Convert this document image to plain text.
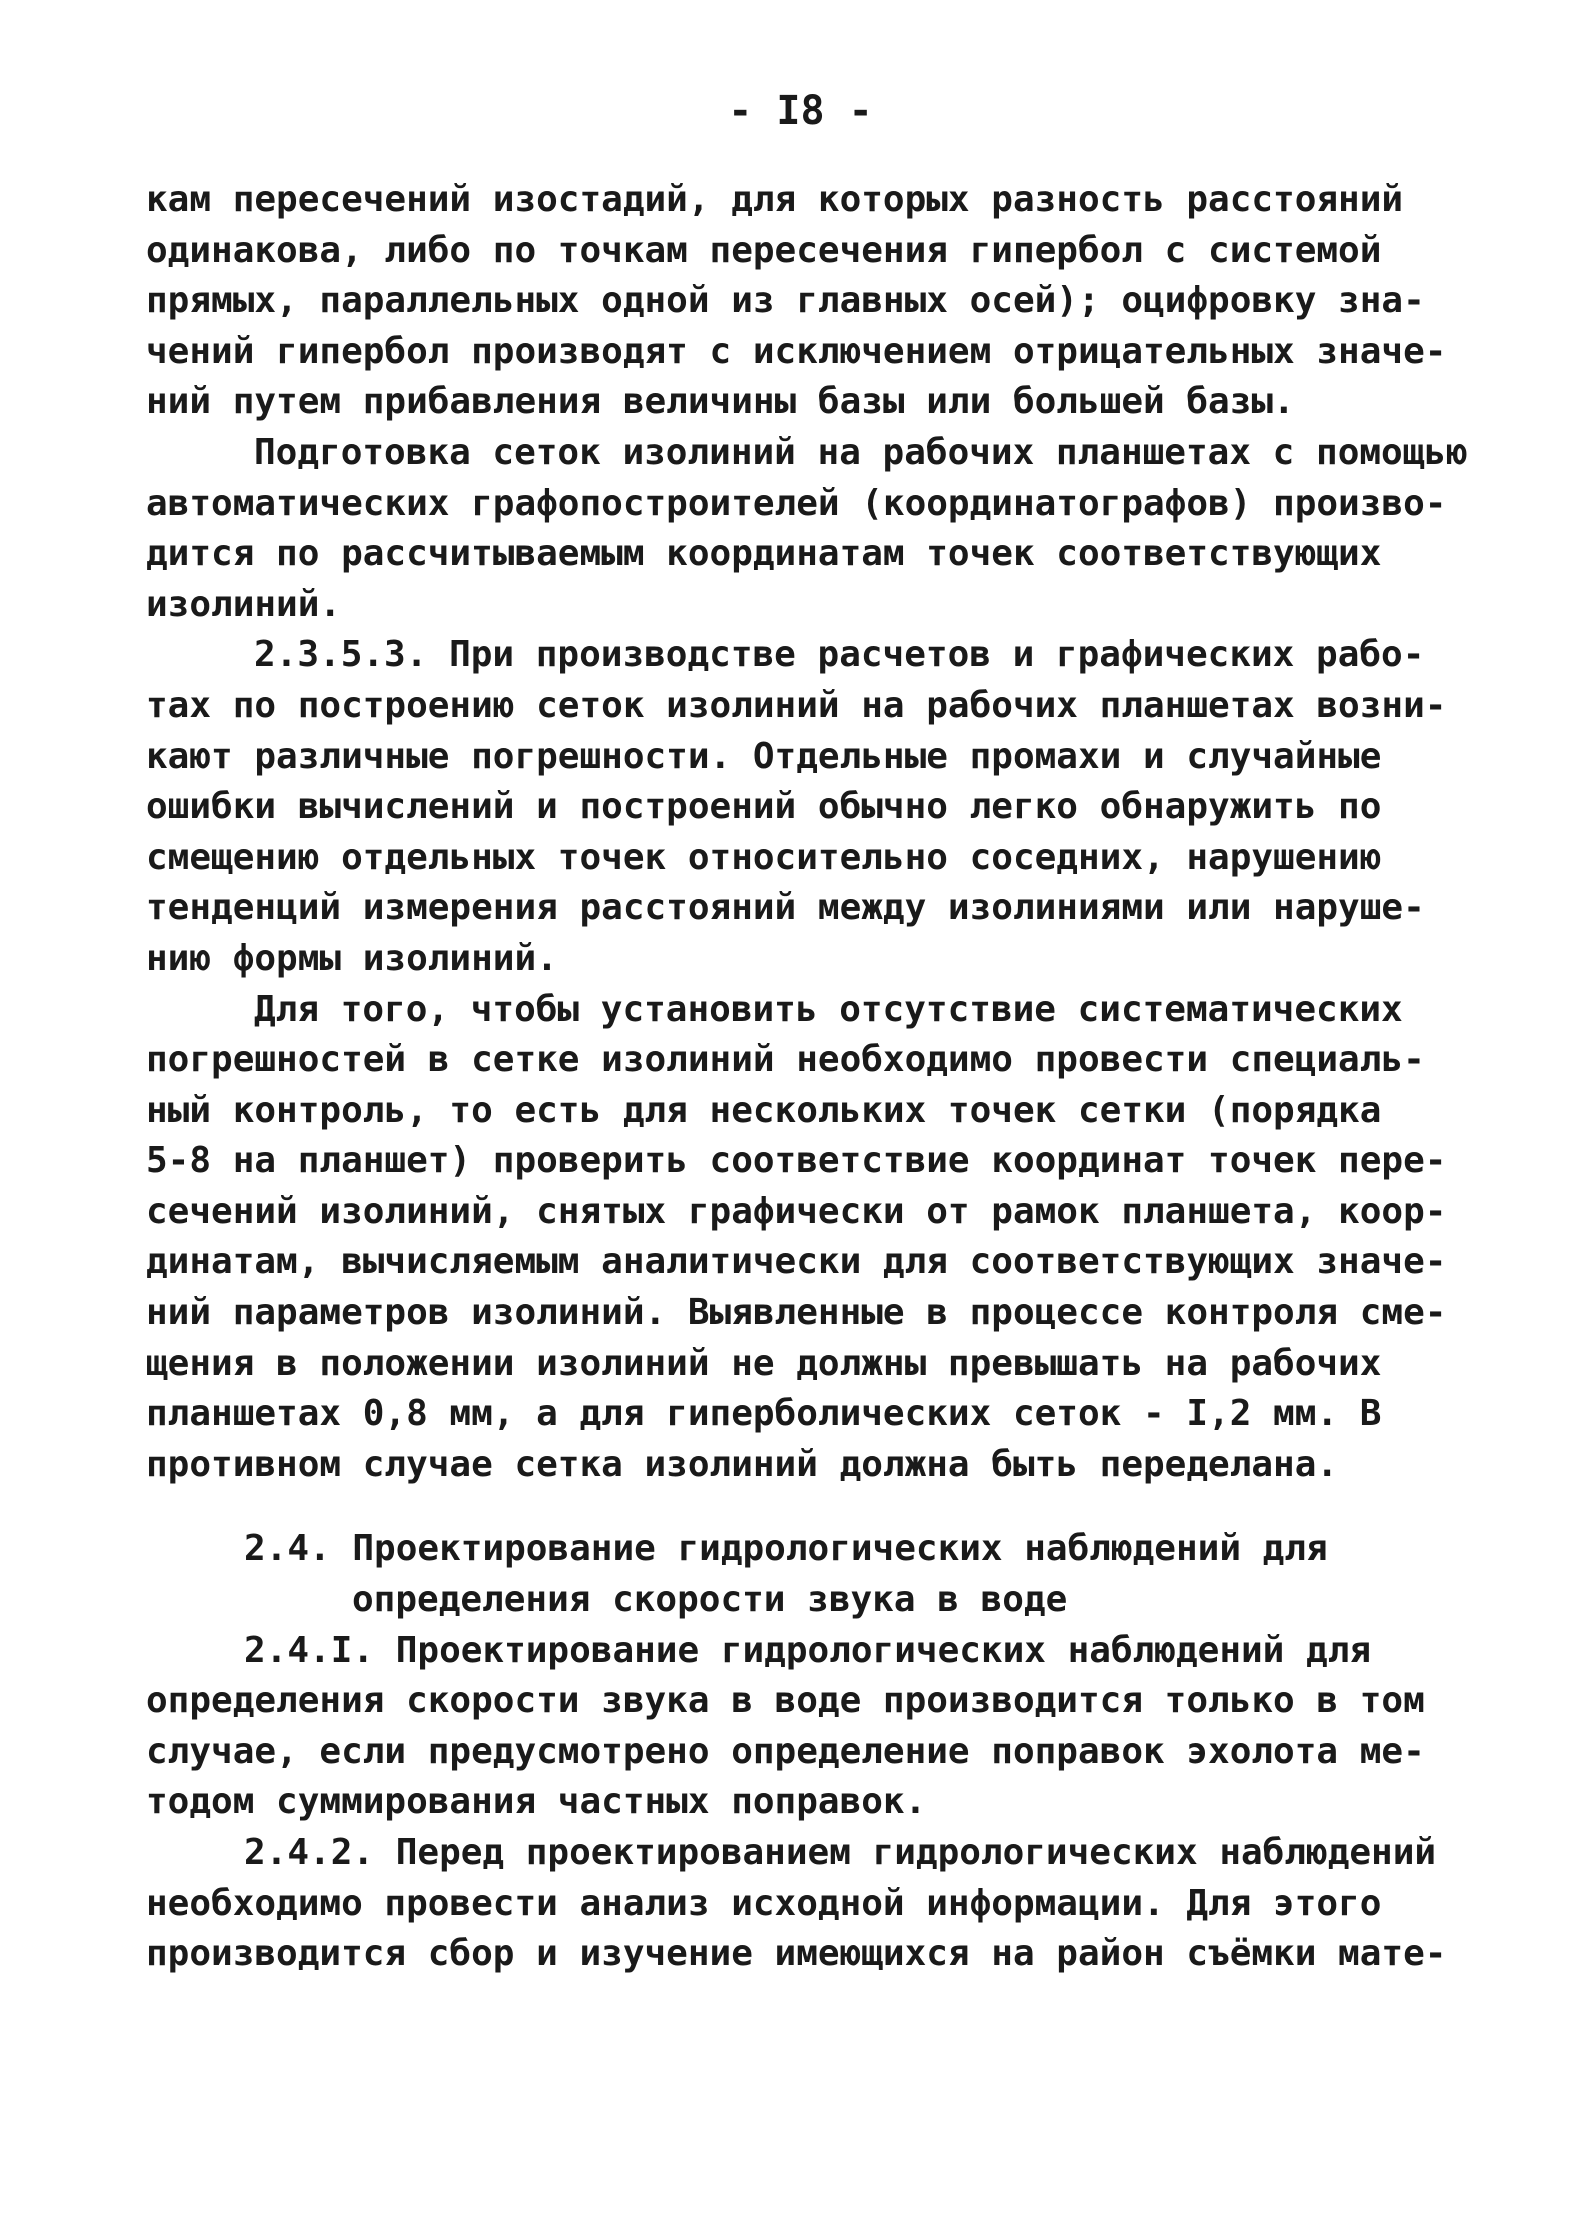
- I8 -
кам пересечений изостадий, для которых разность расстояний
одинакова, либо по точкам пересечения гипербол с системой
прямых, параллельных одной из главных осей); оцифровку зна-
чений гипербол производят с исключением отрицательных значе-
ний путем прибавления величины базы или большей базы.
Подготовка сеток изолиний на рабочих планшетах с помощью
автоматических графопостроителей (координатографов) произво-
дится по рассчитываемым координатам точек соответствующих
изолиний.
2.3.5.3. При производстве расчетов и графических рабо-
тах по построению сеток изолиний на рабочих планшетах возни-
кают различные погрешности. Отдельные промахи и случайные
ошибки вычислений и построений обычно легко обнаружить по
смещению отдельных точек относительно соседних, нарушению
тенденций измерения расстояний между изолиниями или наруше-
нию формы изолиний.
Для того, чтобы установить отсутствие систематических
погрешностей в сетке изолиний необходимо провести специаль-
ный контроль, то есть для нескольких точек сетки (порядка
5-8 на планшет) проверить соответствие координат точек пере-
сечений изолиний, снятых графически от рамок планшета, коор-
динатам, вычисляемым аналитически для соответствующих значе-
ний параметров изолиний. Выявленные в процессе контроля сме-
щения в положении изолиний не должны превышать на рабочих
планшетах 0,8 мм, а для гиперболических сеток - I,2 мм. В
противном случае сетка изолиний должна быть переделана.
2.4. Проектирование гидрологических наблюдений для
определения скорости звука в воде
2.4.I. Проектирование гидрологических наблюдений для
определения скорости звука в воде производится только в том
случае, если предусмотрено определение поправок эхолота ме-
тодом суммирования частных поправок.
2.4.2. Перед проектированием гидрологических наблюдений
необходимо провести анализ исходной информации. Для этого
производится сбор и изучение имеющихся на район съёмки мате-
